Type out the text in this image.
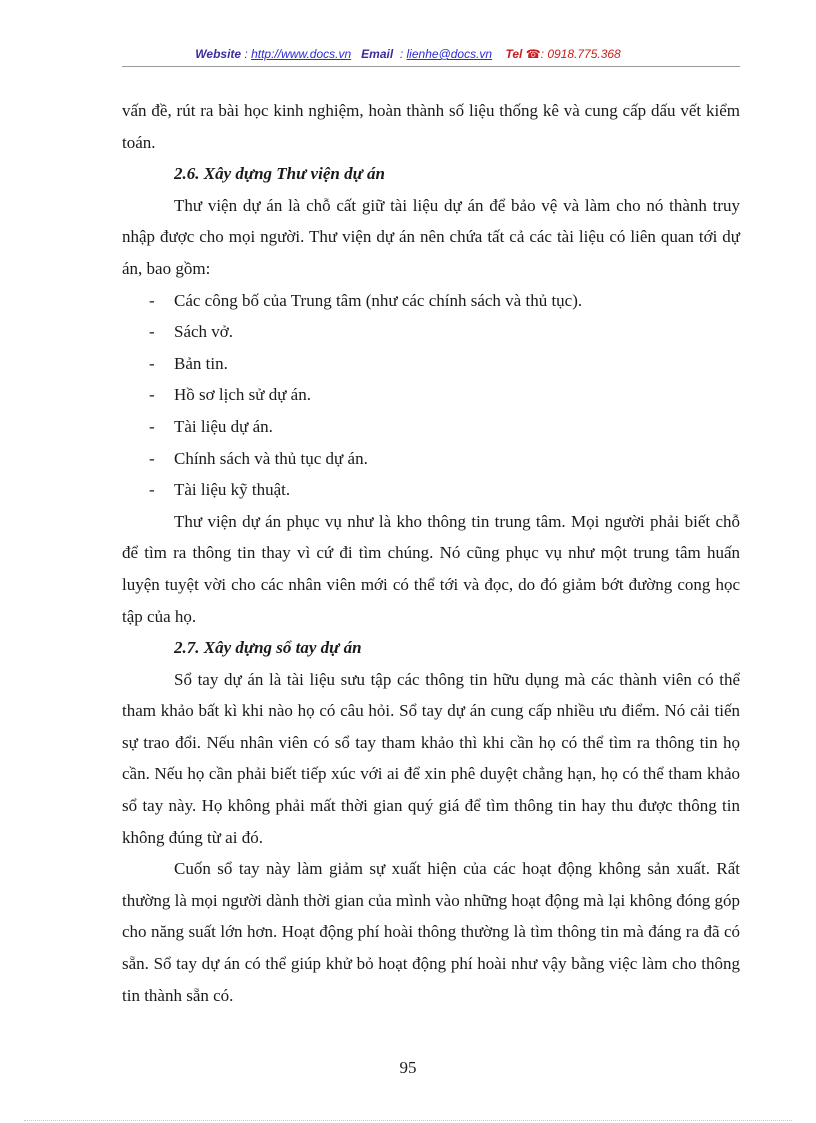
Website : http://www.docs.vn Email  : lienhe@docs.vn Tel ☎: 0918.775.368

vấn đề, rút ra bài học kinh nghiệm, hoàn thành số liệu thống kê và cung cấp dấu vết kiểm toán.

2.6. Xây dựng Thư viện dự án

Thư viện dự án là chỗ cất giữ tài liệu dự án để bảo vệ và làm cho nó thành truy nhập được cho mọi người. Thư viện dự án nên chứa tất cả các tài liệu có liên quan tới dự án, bao gồm:

- Các công bố của Trung tâm (như các chính sách và thủ tục).
- Sách vở.
- Bản tin.
- Hồ sơ lịch sử dự án.
- Tài liệu dự án.
- Chính sách và thủ tục dự án.
- Tài liệu kỹ thuật.

Thư viện dự án phục vụ như là kho thông tin trung tâm. Mọi người phải biết chỗ để tìm ra thông tin thay vì cứ đi tìm chúng. Nó cũng phục vụ như một trung tâm huấn luyện tuyệt vời cho các nhân viên mới có thể tới và đọc, do đó giảm bớt đường cong học tập của họ.

2.7. Xây dựng sổ tay dự án

Sổ tay dự án là tài liệu sưu tập các thông tin hữu dụng mà các thành viên có thể tham khảo bất kì khi nào họ có câu hỏi. Sổ tay dự án cung cấp nhiều ưu điểm. Nó cải tiến sự trao đổi. Nếu nhân viên có sổ tay tham khảo thì khi cần họ có thể tìm ra thông tin họ cần. Nếu họ cần phải biết tiếp xúc với ai để xin phê duyệt chẳng hạn, họ có thể tham khảo sổ tay này. Họ không phải mất thời gian quý giá để tìm thông tin hay thu được thông tin không đúng từ ai đó.

Cuốn sổ tay này làm giảm sự xuất hiện của các hoạt động không sản xuất. Rất thường là mọi người dành thời gian của mình vào những hoạt động mà lại không đóng góp cho năng suất lớn hơn. Hoạt động phí hoài thông thường là tìm thông tin mà đáng ra đã có sẵn. Sổ tay dự án có thể giúp khử bỏ hoạt động phí hoài như vậy bằng việc làm cho thông tin thành sẵn có.

95
